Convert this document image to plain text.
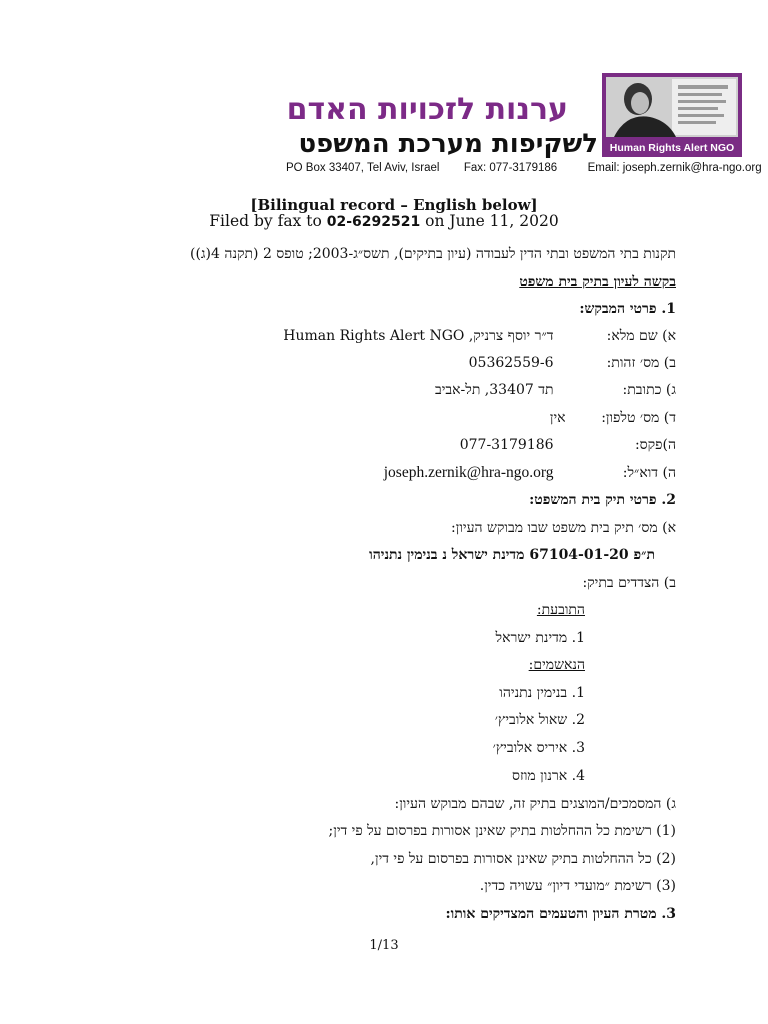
ערנות לזכויות האדם
לשקיפות מערכת המשפט
PO Box 33407, Tel Aviv, Israel Fax: 077-3179186	Email: joseph.zernik@hra-ngo.org
Human Rights Alert NGO
[Bilingual record – English below]
Filed by fax to 02-6292521 on June 11, 2020
תקנות בתי המשפט ובתי הדין לעבודה (עיון בתיקים), תשס״ג-2003; טופס 2 (תקנה 4(ג))
בקשה לעיון בתיק בית משפט
1. פרטי המבקש:
א) שם מלא: ד״ר יוסף צרניק, Human Rights Alert NGO
ב) מס׳ זהות: 05362559-6
ג) כתובת: תד 33407, תל-אביב
ד) מס׳ טלפון: אין
ה)פקס: 077-3179186
ה) דוא״ל: joseph.zernik@hra-ngo.org
2. פרטי תיק בית המשפט:
א) מס׳ תיק בית משפט שבו מבוקש העיון:
ת״פ 67104-01-20 מדינת ישראל נ בנימין נתניהו
ב) הצדדים בתיק:
התובעת:
1. מדינת ישראל
הנאשמים:
1. בנימין נתניהו
2. שאול אלוביץ׳
3. איריס אלוביץ׳
4. ארנון מוזס
ג) המסמכים/המוצגים בתיק זה, שבהם מבוקש העיון:
(1) רשימת כל ההחלטות בתיק שאינן אסורות בפרסום על פי דין;
(2) כל ההחלטות בתיק שאינן אסורות בפרסום על פי דין,
(3) רשימת ״מועדי דיון״ עשויה כדין.
3. מטרת העיון והטעמים המצדיקים אותו:
1/13
